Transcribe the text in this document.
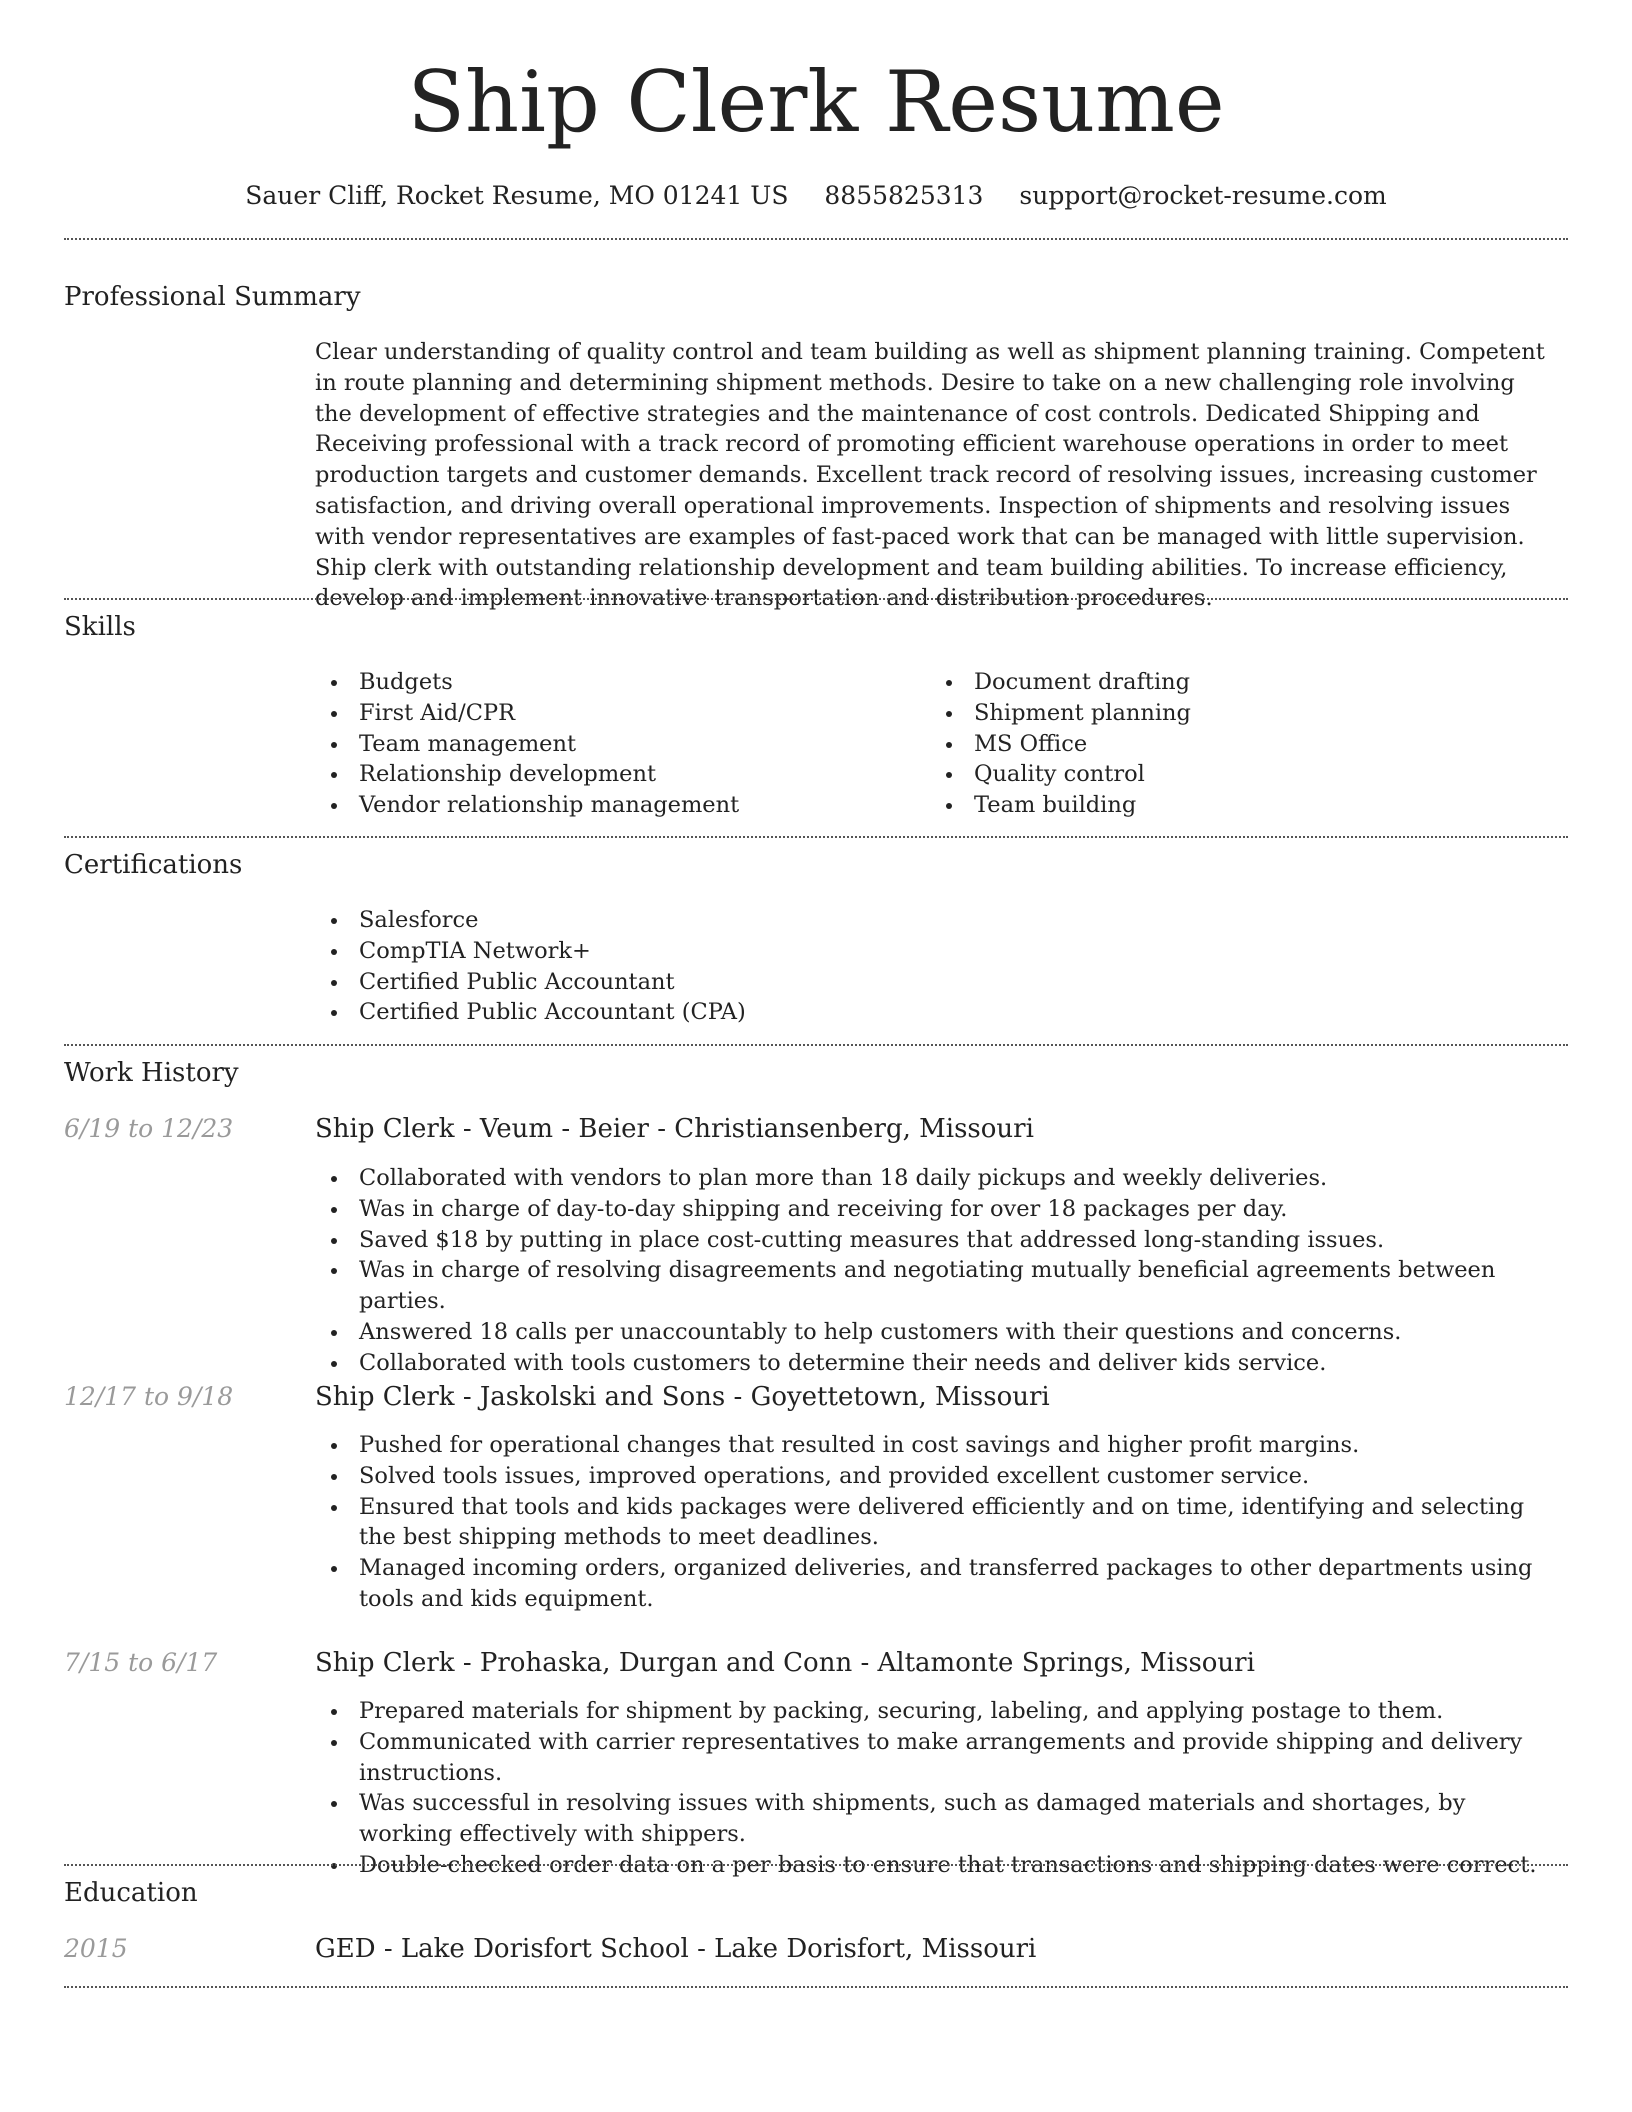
Ship Clerk Resume
Sauer Cliff, Rocket Resume, MO 01241 US 8855825313 support@rocket-resume.com
Professional Summary

Clear understanding of quality control and team building as well as shipment planning training. Competent in route planning and determining shipment methods. Desire to take on a new challenging role involving the development of effective strategies and the maintenance of cost controls. Dedicated Shipping and Receiving professional with a track record of promoting efficient warehouse operations in order to meet production targets and customer demands. Excellent track record of resolving issues, increasing customer satisfaction, and driving overall operational improvements. Inspection of shipments and resolving issues with vendor representatives are examples of fast-paced work that can be managed with little supervision. Ship clerk with outstanding relationship development and team building abilities. To increase efficiency, develop and implement innovative transportation and distribution procedures.

Skills
Budgets
First Aid/CPR
Team management
Relationship development
Vendor relationship management
Document drafting
Shipment planning
MS Office
Quality control
Team building
Certifications
Salesforce
CompTIA Network+
Certified Public Accountant
Certified Public Accountant (CPA)
Work History
6/19 to 12/23	Ship Clerk - Veum - Beier - Christiansenberg, Missouri
Collaborated with vendors to plan more than 18 daily pickups and weekly deliveries.
Was in charge of day-to-day shipping and receiving for over 18 packages per day.
Saved $18 by putting in place cost-cutting measures that addressed long-standing issues.
Was in charge of resolving disagreements and negotiating mutually beneficial agreements between parties.
Answered 18 calls per unaccountably to help customers with their questions and concerns.
Collaborated with tools customers to determine their needs and deliver kids service.
12/17 to 9/18	Ship Clerk - Jaskolski and Sons - Goyettetown, Missouri
Pushed for operational changes that resulted in cost savings and higher profit margins.
Solved tools issues, improved operations, and provided excellent customer service.
Ensured that tools and kids packages were delivered efficiently and on time, identifying and selecting the best shipping methods to meet deadlines.
Managed incoming orders, organized deliveries, and transferred packages to other departments using tools and kids equipment.
7/15 to 6/17	Ship Clerk - Prohaska, Durgan and Conn - Altamonte Springs, Missouri
Prepared materials for shipment by packing, securing, labeling, and applying postage to them.
Communicated with carrier representatives to make arrangements and provide shipping and delivery instructions.
Was successful in resolving issues with shipments, such as damaged materials and shortages, by working effectively with shippers.
Double-checked order data on a per basis to ensure that transactions and shipping dates were correct.
Education
2015	GED - Lake Dorisfort School - Lake Dorisfort, Missouri
